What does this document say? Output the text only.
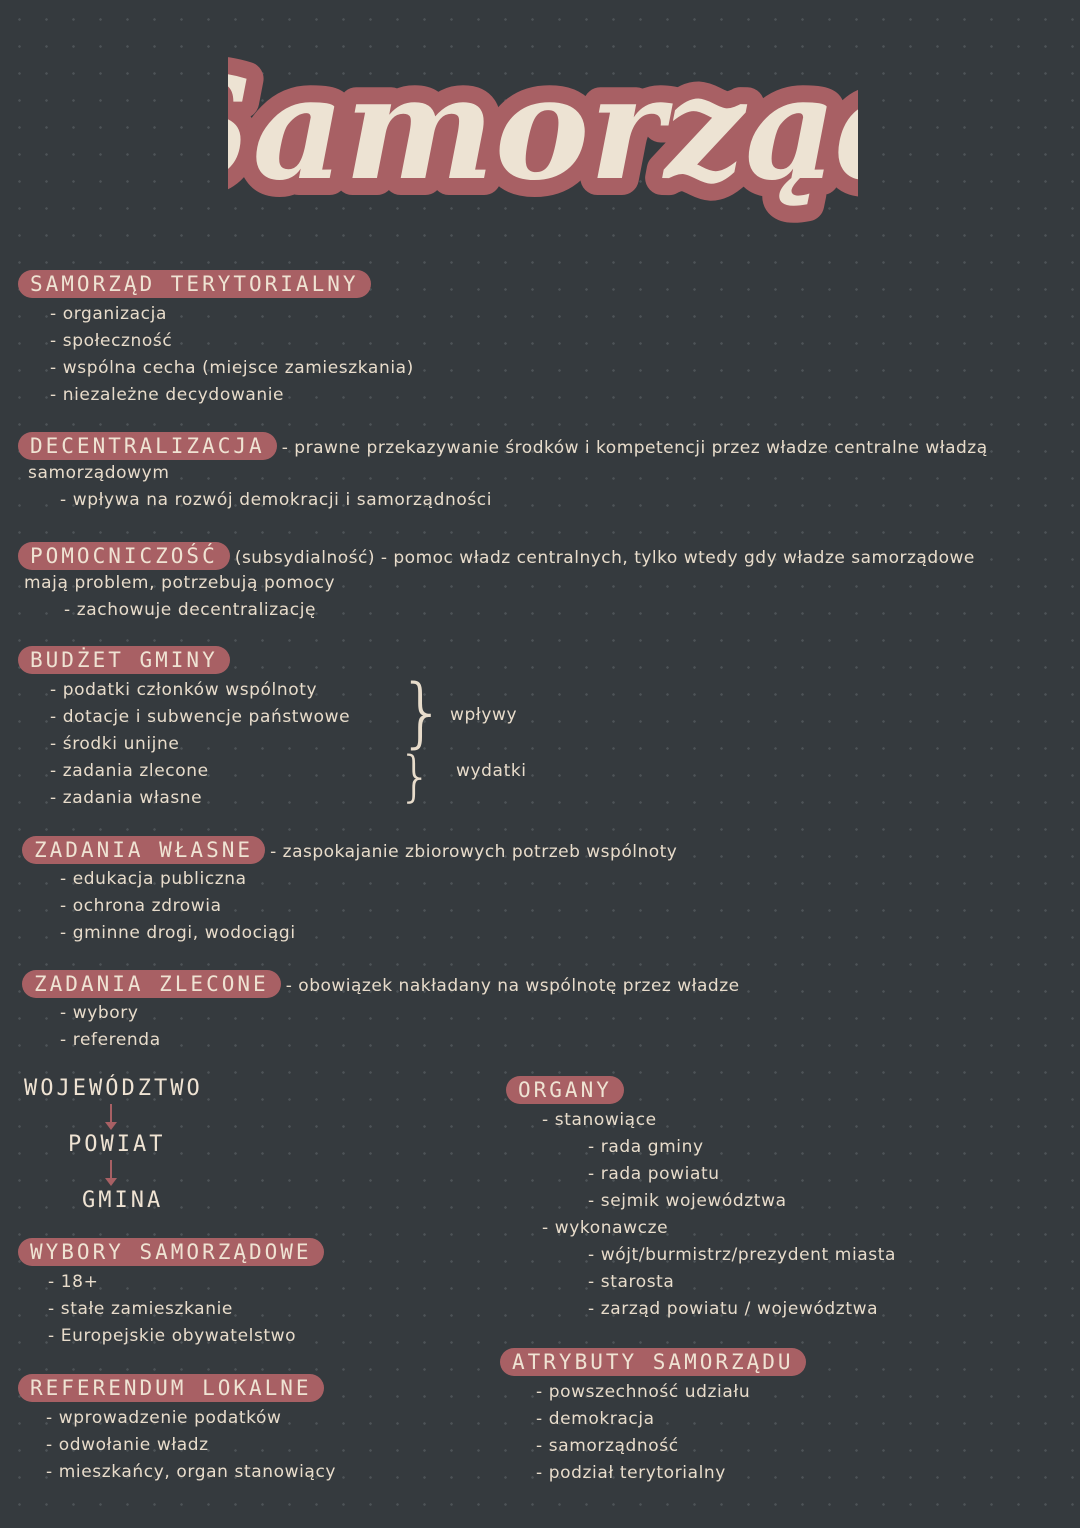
amorzą
amorzą
SAMORZĄD TERYTORIALNY
- organizacja
- społeczność
- wspólna cecha (miejsce zamieszkania)
- niezależne decydowanie
DECENTRALIZACJA - prawne przekazywanie środków i kompetencji przez władze centralne władzą
samorządowym
- wpływa na rozwój demokracji i samorządności
POMOCNICZOŚĆ (subsydialność) - pomoc władz centralnych, tylko wtedy gdy władze samorządowe
mają problem, potrzebują pomocy
- zachowuje decentralizację
BUDŻET GMINY
- podatki członków wspólnoty
- dotacje i subwencje państwowe
- środki unijne
- zadania zlecone
- zadania własne
}
}
wpływy
wydatki
ZADANIA WŁASNE - zaspokajanie zbiorowych potrzeb wspólnoty
- edukacja publiczna
- ochrona zdrowia
- gminne drogi, wodociągi
ZADANIA ZLECONE - obowiązek nakładany na wspólnotę przez władze
- wybory
- referenda
WOJEWÓDZTWO
POWIAT
GMINA
WYBORY SAMORZĄDOWE
- 18+
- stałe zamieszkanie
- Europejskie obywatelstwo
REFERENDUM LOKALNE
- wprowadzenie podatków
- odwołanie władz
- mieszkańcy, organ stanowiący
ORGANY
- stanowiące
- rada gminy
- rada powiatu
- sejmik województwa
- wykonawcze
- wójt/burmistrz/prezydent miasta
- starosta
- zarząd powiatu / województwa
ATRYBUTY SAMORZĄDU
- powszechność udziału
- demokracja
- samorządność
- podział terytorialny
